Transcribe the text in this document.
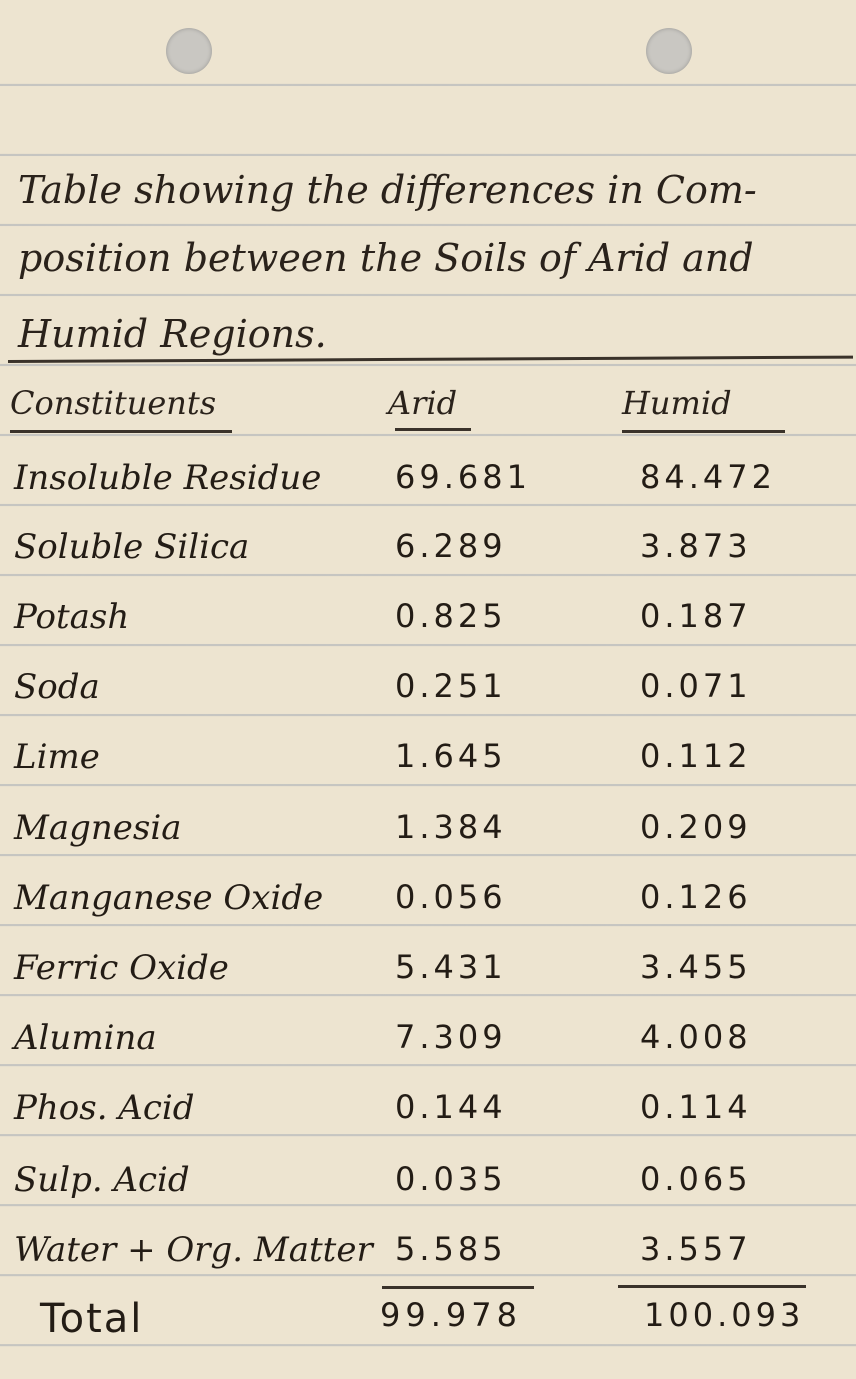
Table showing the differences in Com-
position between the Soils of Arid and
Humid Regions.
Constituents	Arid	Humid
Insoluble Residue 69.681	84.472
Soluble Silica	6.289	3.873
Potash	0.825	0.187
Soda	0.251	0.071
Lime	1.645	0.112
Magnesia	1.384	0.209
Manganese Oxide 0.056	0.126
Ferric Oxide	5.431	3.455
Alumina	7.309	4.008
Phos. Acid	0.144	0.114
Sulp. Acid	0.035	0.065
Water + Org. Matter 5.585	3.557
Total	99.978	100.093
